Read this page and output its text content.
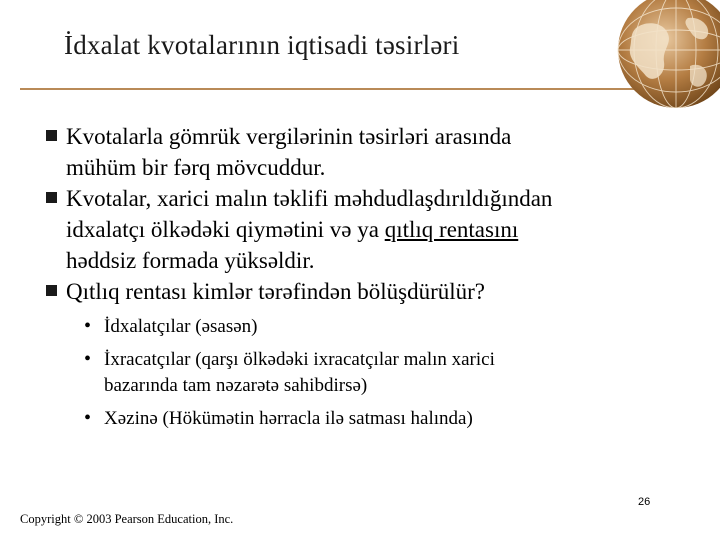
İdxalat kvotalarının iqtisadi təsirləri
Kvotalarla gömrük vergilərinin təsirləri arasında
mühüm bir fərq mövcuddur.
Kvotalar, xarici malın təklifi məhdudlaşdırıldığından
idxalatçı ölkədəki qiymətini və ya qıtlıq rentasını
həddsiz formada yüksəldir.
Qıtlıq rentası kimlər tərəfindən bölüşdürülür?
• İdxalatçılar (əsasən)
• İxracatçılar (qarşı ölkədəki ixracatçılar malın xarici
bazarında tam nəzarətə sahibdirsə)
• Xəzinə (Hökümətin hərracla ilə satması halında)
26
Copyright © 2003 Pearson Education, Inc.
